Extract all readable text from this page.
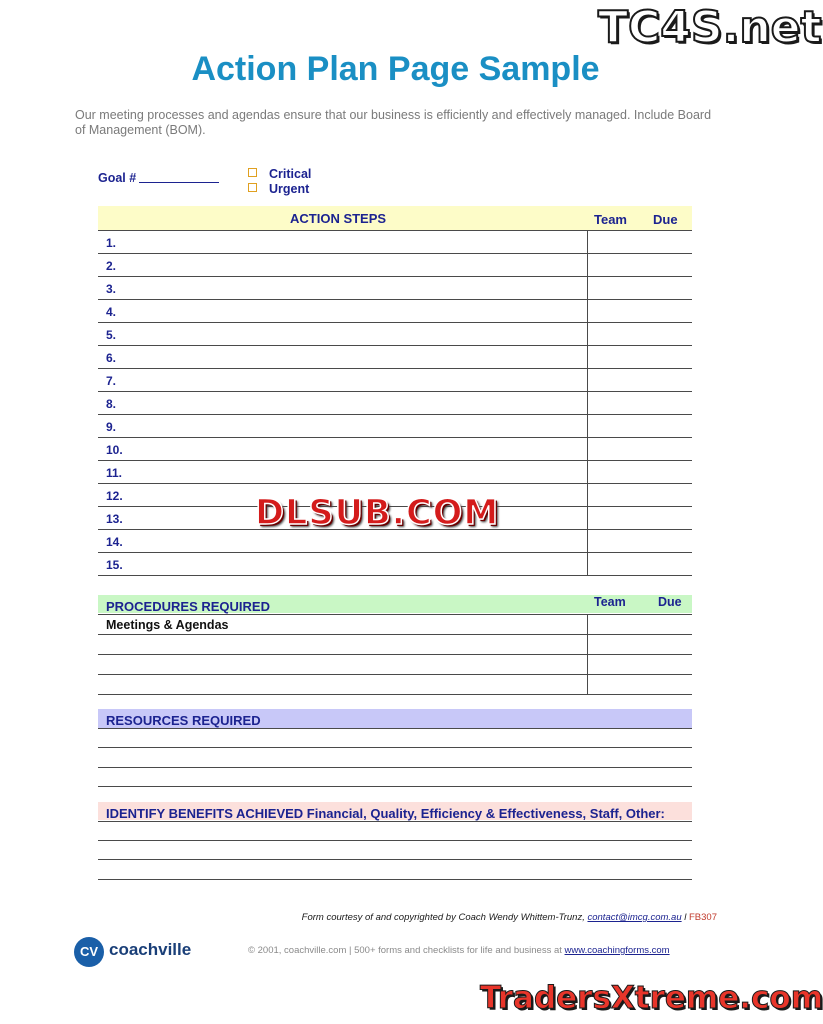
TC4S.net
Action Plan Page Sample
Our meeting processes and agendas ensure that our business is efficiently and effectively managed. Include Board of Management (BOM).
Goal #	Critical
Urgent
ACTION STEPS	Team Due
1.
2.
3.
4.
5.
6.
7.
8.
9.
10.
11.
12.
13.
14.
15.
PROCEDURES REQUIRED	Team	Due
Meetings & Agendas
RESOURCES REQUIRED
IDENTIFY BENEFITS ACHIEVED Financial, Quality, Efficiency & Effectiveness, Staff, Other:
DLSUB.COM
Form courtesy of and copyrighted by Coach Wendy Whittem-Trunz, contact@imcg.com.au l FB307
CV coachville	© 2001, coachville.com | 500+ forms and checklists for life and business at www.coachingforms.com
TradersXtreme.com
